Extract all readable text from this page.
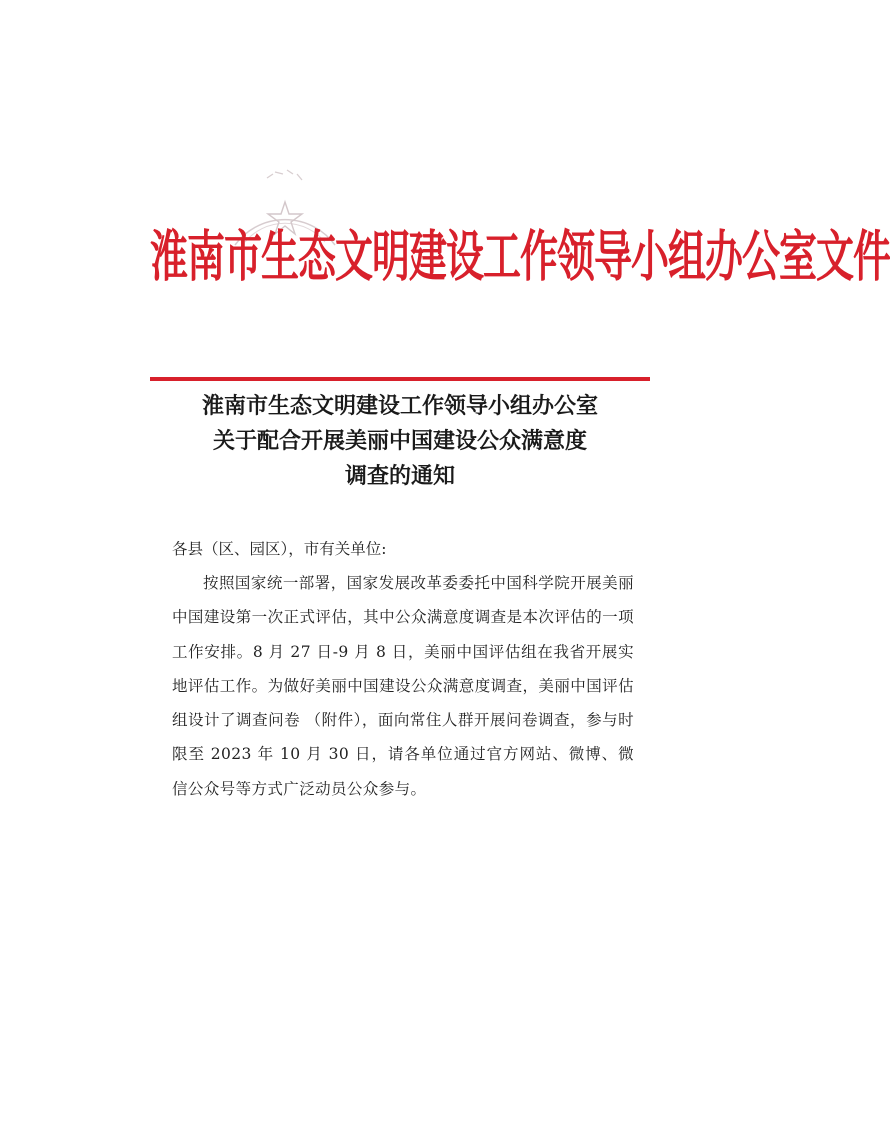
淮南市生态文明建设工作领导小组办公室文件
淮南市生态文明建设工作领导小组办公室
关于配合开展美丽中国建设公众满意度
调查的通知

各县（区、园区），市有关单位:

按照国家统一部署，国家发展改革委委托中国科学院开展美丽中国建设第一次正式评估，其中公众满意度调查是本次评估的一项工作安排。8 月 27 日-9 月 8 日，美丽中国评估组在我省开展实地评估工作。为做好美丽中国建设公众满意度调查，美丽中国评估组设计了调查问卷 （附件），面向常住人群开展问卷调查，参与时限至 2023 年 10 月 30 日，请各单位通过官方网站、微博、微信公众号等方式广泛动员公众参与。
